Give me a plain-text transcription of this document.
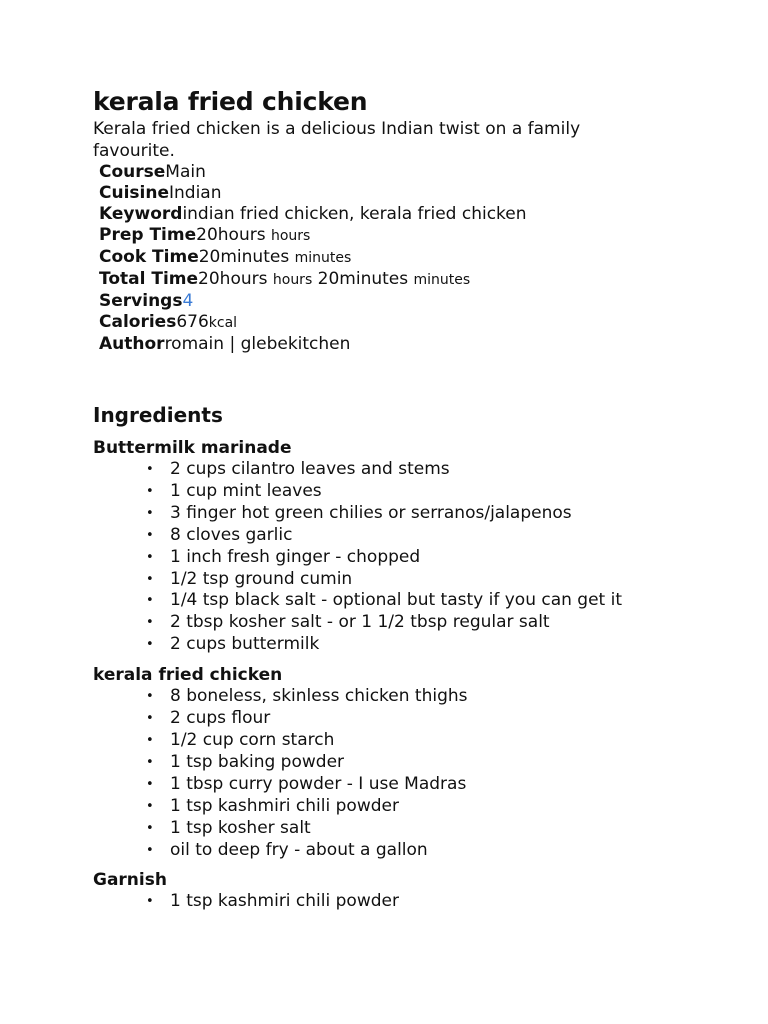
kerala fried chicken

Kerala fried chicken is a delicious Indian twist on a family favourite.

CourseMain
CuisineIndian
Keywordindian fried chicken, kerala fried chicken
Prep Time20hours hours
Cook Time20minutes minutes
Total Time20hours hours 20minutes minutes
Servings4
Calories676kcal
Authorromain | glebekitchen
Ingredients
Buttermilk marinade
• 2 cups cilantro leaves and stems
• 1 cup mint leaves
• 3 finger hot green chilies or serranos/jalapenos
• 8 cloves garlic
• 1 inch fresh ginger - chopped
• 1/2 tsp ground cumin
• 1/4 tsp black salt - optional but tasty if you can get it
• 2 tbsp kosher salt - or 1 1/2 tbsp regular salt
• 2 cups buttermilk
kerala fried chicken
• 8 boneless, skinless chicken thighs
• 2 cups flour
• 1/2 cup corn starch
• 1 tsp baking powder
• 1 tbsp curry powder - I use Madras
• 1 tsp kashmiri chili powder
• 1 tsp kosher salt
• oil to deep fry - about a gallon
Garnish
• 1 tsp kashmiri chili powder
